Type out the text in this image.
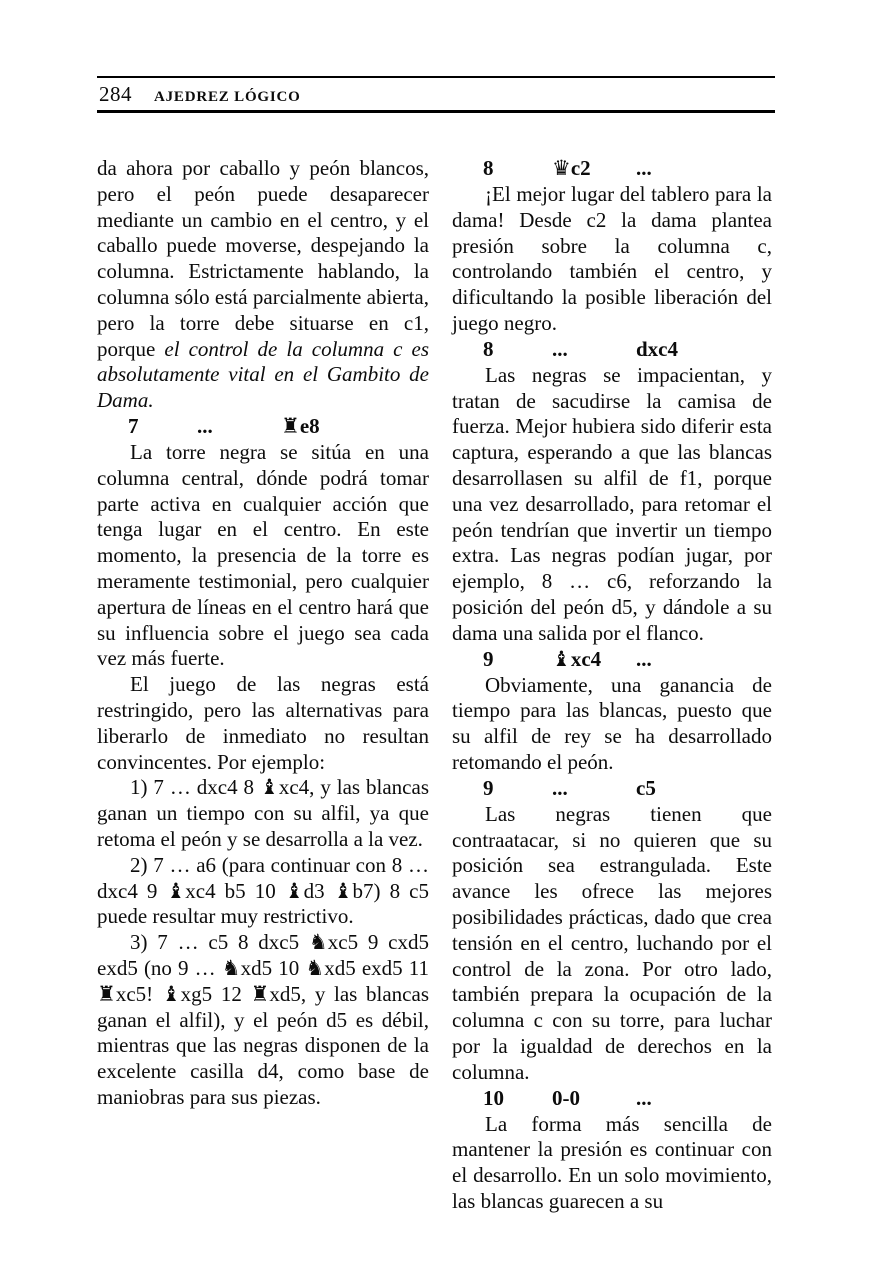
284 AJEDREZ LÓGICO

da ahora por caballo y peón blancos, pero el peón puede desaparecer mediante un cambio en el centro, y el caballo puede moverse, despejando la columna. Estrictamente hablando, la columna sólo está parcialmente abierta, pero la torre debe situarse en c1, porque el control de la columna c es absolutamente vital en el Gambito de Dama.

7	...	♜e8

La torre negra se sitúa en una columna central, dónde podrá tomar parte activa en cualquier acción que tenga lugar en el centro. En este momento, la presencia de la torre es meramente testimonial, pero cualquier apertura de líneas en el centro hará que su influencia sobre el juego sea cada vez más fuerte.

El juego de las negras está restringido, pero las alternativas para liberarlo de inmediato no resultan convincentes. Por ejemplo:

1) 7 … dxc4 8 ♝xc4, y las blancas ganan un tiempo con su alfil, ya que retoma el peón y se desarrolla a la vez.

2) 7 … a6 (para continuar con 8 … dxc4 9 ♝xc4 b5 10 ♝d3 ♝b7) 8 c5 puede resultar muy restrictivo.

3) 7 … c5 8 dxc5 ♞xc5 9 cxd5 exd5 (no 9 … ♞xd5 10 ♞xd5 exd5 11 ♜xc5! ♝xg5 12 ♜xd5, y las blancas ganan el alfil), y el peón d5 es débil, mientras que las negras disponen de la excelente casilla d4, como base de maniobras para sus piezas.

8	♛c2 ...

¡El mejor lugar del tablero para la dama! Desde c2 la dama plantea presión sobre la columna c, controlando también el centro, y dificultando la posible liberación del juego negro.

8	...	dxc4

Las negras se impacientan, y tratan de sacudirse la camisa de fuerza. Mejor hubiera sido diferir esta captura, esperando a que las blancas desarrollasen su alfil de f1, porque una vez desarrollado, para retomar el peón tendrían que invertir un tiempo extra. Las negras podían jugar, por ejemplo, 8 … c6, reforzando la posición del peón d5, y dándole a su dama una salida por el flanco.

9	♝xc4 ...

Obviamente, una ganancia de tiempo para las blancas, puesto que su alfil de rey se ha desarrollado retomando el peón.

9	...	c5

Las negras tienen que contraatacar, si no quieren que su posición sea estrangulada. Este avance les ofrece las mejores posibilidades prácticas, dado que crea tensión en el centro, luchando por el control de la zona. Por otro lado, también prepara la ocupación de la columna c con su torre, para luchar por la igualdad de derechos en la columna.

10 0-0	...

La forma más sencilla de mantener la presión es continuar con el desarrollo. En un solo movimiento, las blancas guarecen a su
